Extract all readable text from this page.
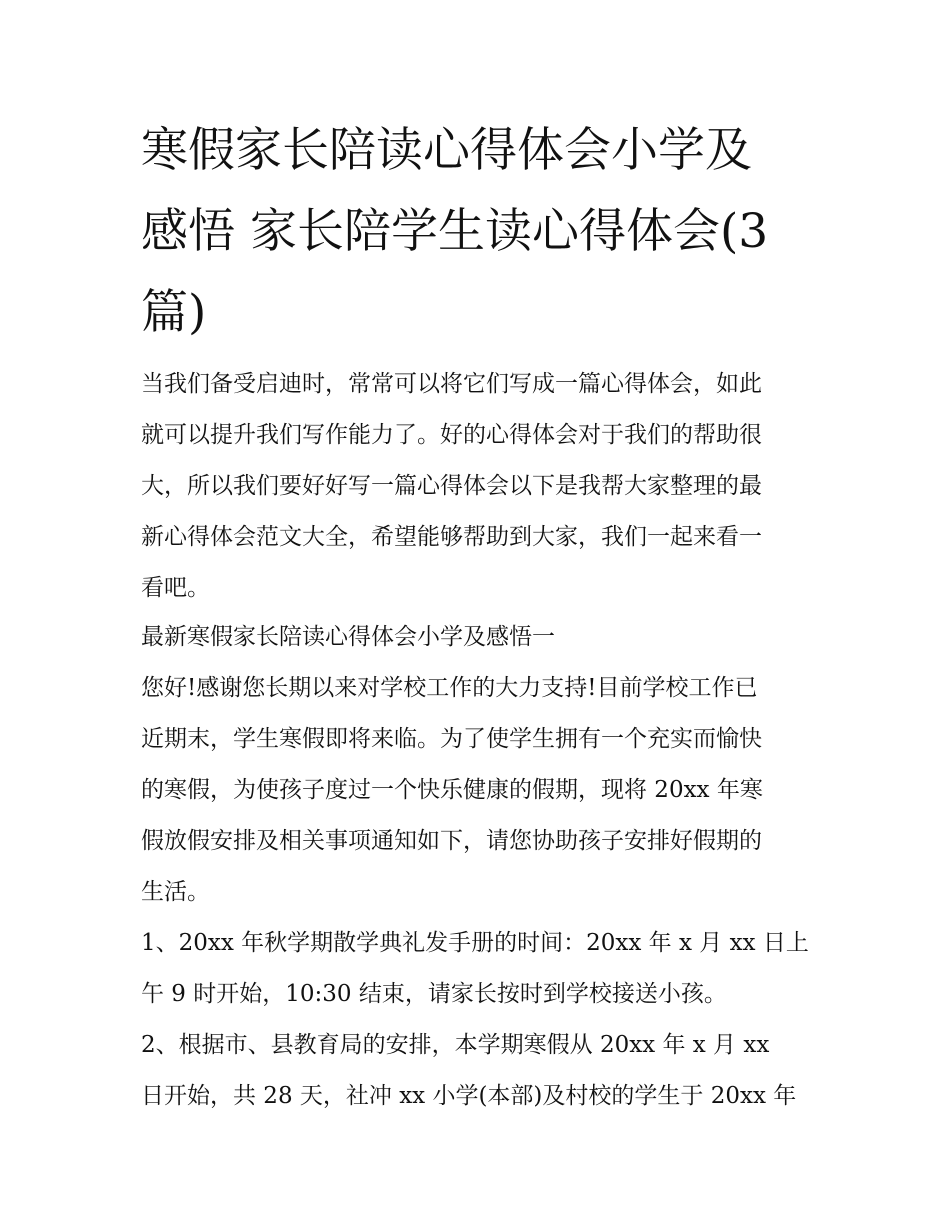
寒假家长陪读心得体会小学及
感悟 家长陪学生读心得体会(3
篇)

当我们备受启迪时，常常可以将它们写成一篇心得体会，如此
就可以提升我们写作能力了。好的心得体会对于我们的帮助很
大，所以我们要好好写一篇心得体会以下是我帮大家整理的最
新心得体会范文大全，希望能够帮助到大家，我们一起来看一
看吧。

最新寒假家长陪读心得体会小学及感悟一

您好!感谢您长期以来对学校工作的大力支持!目前学校工作已
近期末，学生寒假即将来临。为了使学生拥有一个充实而愉快
的寒假，为使孩子度过一个快乐健康的假期，现将 20xx 年寒
假放假安排及相关事项通知如下，请您协助孩子安排好假期的
生活。

1、20xx 年秋学期散学典礼发手册的时间：20xx 年 x 月 xx 日上
午 9 时开始，10:30 结束，请家长按时到学校接送小孩。

2、根据市、县教育局的安排，本学期寒假从 20xx 年 x 月 xx
日开始，共 28 天，社冲 xx 小学(本部)及村校的学生于 20xx 年
